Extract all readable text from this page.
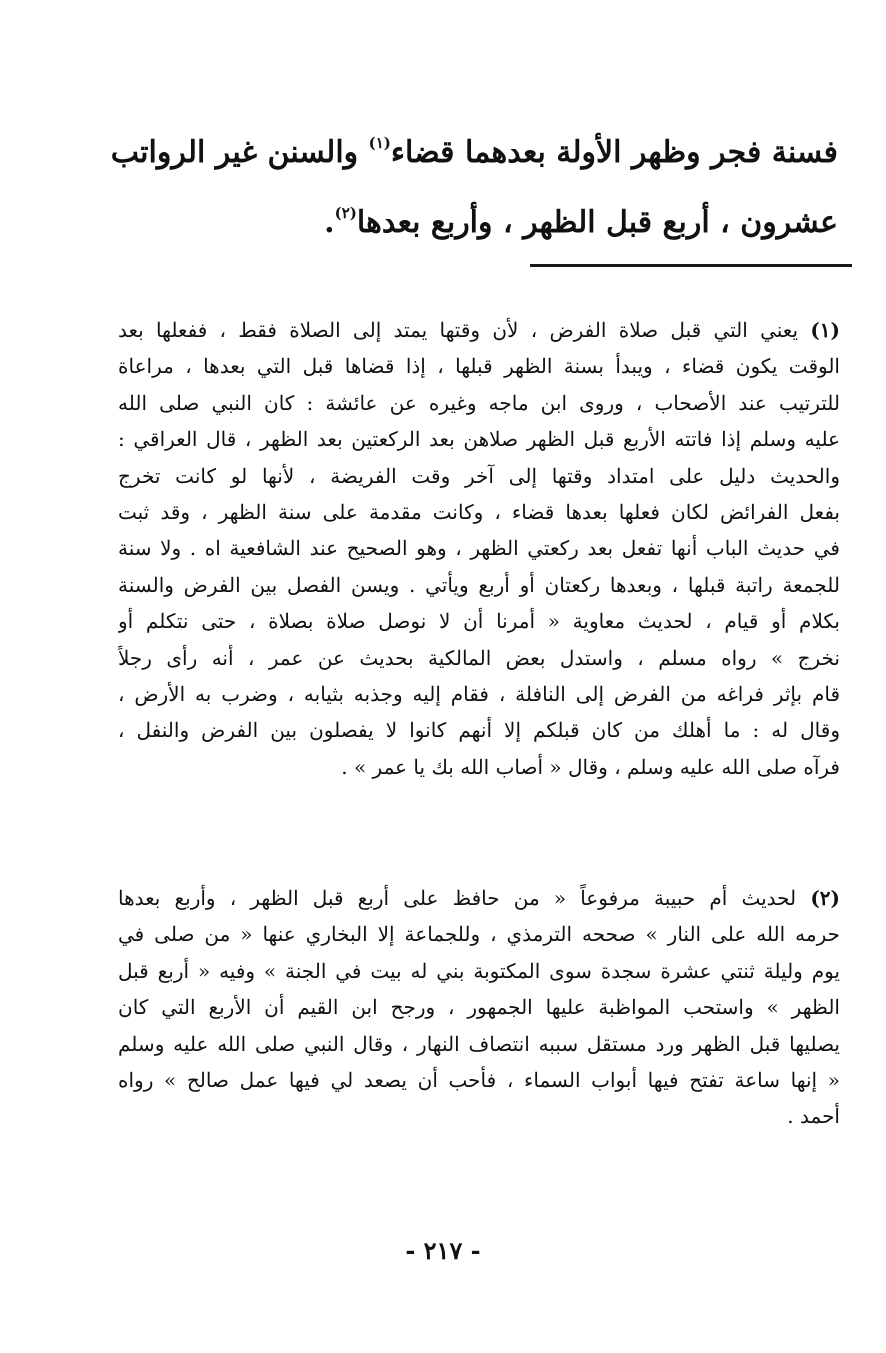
فسنة فجر وظهر الأولة بعدهما قضاء$^{(١)}$ والسنن غير الرواتب
عشرون ، أربع قبل الظهر ، وأربع بعدها$^{(٢)}$.
(١) يعني التي قبل صلاة الفرض ، لأن وقتها يمتد إلى الصلاة فقط ، ففعلها بعد
الوقت يكون قضاء ، ويبدأ بسنة الظهر قبلها ، إذا قضاها قبل التي بعدها ، مراعاة
للترتيب عند الأصحاب ، وروى ابن ماجه وغيره عن عائشة : كان النبي صلى الله
عليه وسلم إذا فاتته الأربع قبل الظهر صلاهن بعد الركعتين بعد الظهر ، قال العراقي :
والحديث دليل على امتداد وقتها إلى آخر وقت الفريضة ، لأنها لو كانت تخرج
بفعل الفرائض لكان فعلها بعدها قضاء ، وكانت مقدمة على سنة الظهر ، وقد ثبت
في حديث الباب أنها تفعل بعد ركعتي الظهر ، وهو الصحيح عند الشافعية اه . ولا سنة
للجمعة راتبة قبلها ، وبعدها ركعتان أو أربع ويأتي . ويسن الفصل بين الفرض والسنة
بكلام أو قيام ، لحديث معاوية « أمرنا أن لا نوصل صلاة بصلاة ، حتى نتكلم أو
نخرج » رواه مسلم ، واستدل بعض المالكية بحديث عن عمر ، أنه رأى رجلاً
قام بإثر فراغه من الفرض إلى النافلة ، فقام إليه وجذبه بثيابه ، وضرب به الأرض ،
وقال له : ما أهلك من كان قبلكم إلا أنهم كانوا لا يفصلون بين الفرض والنفل ،
فرآه صلى الله عليه وسلم ، وقال « أصاب الله بك يا عمر » .
(٢) لحديث أم حبيبة مرفوعاً « من حافظ على أربع قبل الظهر ، وأربع بعدها
حرمه الله على النار » صححه الترمذي ، وللجماعة إلا البخاري عنها « من صلى في
يوم وليلة ثنتي عشرة سجدة سوى المكتوبة بني له بيت في الجنة » وفيه « أربع قبل
الظهر » واستحب المواظبة عليها الجمهور ، ورجح ابن القيم أن الأربع التي كان
يصليها قبل الظهر ورد مستقل سببه انتصاف النهار ، وقال النبي صلى الله عليه وسلم
« إنها ساعة تفتح فيها أبواب السماء ، فأحب أن يصعد لي فيها عمل صالح » رواه
أحمد .
- ٢١٧ -
